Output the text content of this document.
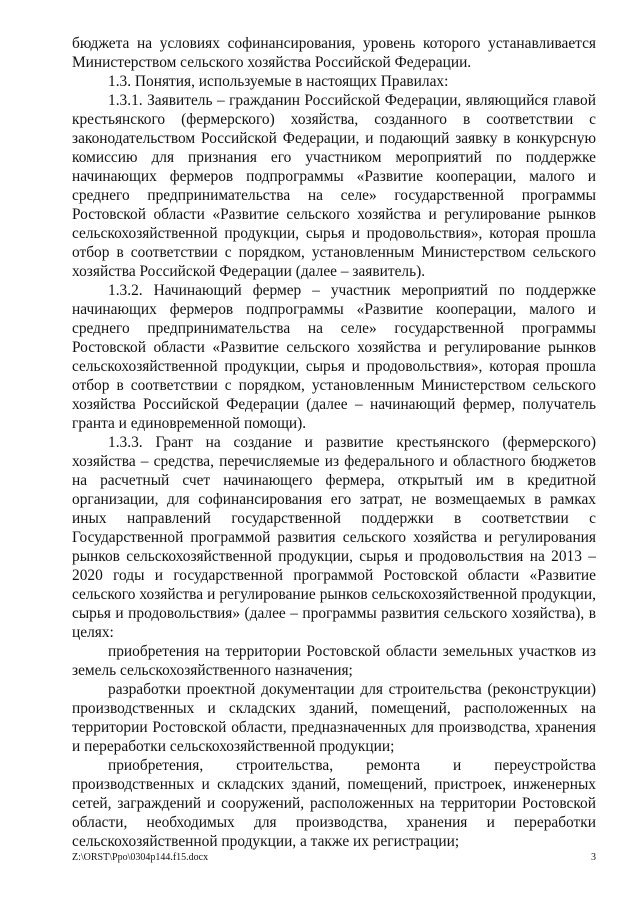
бюджета на условиях софинансирования, уровень которого устанавливается Министерством сельского хозяйства Российской Федерации.

1.3. Понятия, используемые в настоящих Правилах:

1.3.1. Заявитель – гражданин Российской Федерации, являющийся главой крестьянского (фермерского) хозяйства, созданного в соответствии с законодательством Российской Федерации, и подающий заявку в конкурсную комиссию для признания его участником мероприятий по поддержке начинающих фермеров подпрограммы «Развитие кооперации, малого и среднего предпринимательства на селе» государственной программы Ростовской области «Развитие сельского хозяйства и регулирование рынков сельскохозяйственной продукции, сырья и продовольствия», которая прошла отбор в соответствии с порядком, установленным Министерством сельского хозяйства Российской Федерации (далее – заявитель).

1.3.2. Начинающий фермер – участник мероприятий по поддержке начинающих фермеров подпрограммы «Развитие кооперации, малого и среднего предпринимательства на селе» государственной программы Ростовской области «Развитие сельского хозяйства и регулирование рынков сельскохозяйственной продукции, сырья и продовольствия», которая прошла отбор в соответствии с порядком, установленным Министерством сельского хозяйства Российской Федерации (далее – начинающий фермер, получатель гранта и единовременной помощи).

1.3.3. Грант на создание и развитие крестьянского (фермерского) хозяйства – средства, перечисляемые из федерального и областного бюджетов на расчетный счет начинающего фермера, открытый им в кредитной организации, для софинансирования его затрат, не возмещаемых в рамках иных направлений государственной поддержки в соответствии с Государственной программой развития сельского хозяйства и регулирования рынков сельскохозяйственной продукции, сырья и продовольствия на 2013 – 2020 годы и государственной программой Ростовской области «Развитие сельского хозяйства и регулирование рынков сельскохозяйственной продукции, сырья и продовольствия» (далее – программы развития сельского хозяйства), в целях:

приобретения на территории Ростовской области земельных участков из земель сельскохозяйственного назначения;

разработки проектной документации для строительства (реконструкции) производственных и складских зданий, помещений, расположенных на территории Ростовской области, предназначенных для производства, хранения и переработки сельскохозяйственной продукции;

приобретения, строительства, ремонта и переустройства производственных и складских зданий, помещений, пристроек, инженерных сетей, заграждений и сооружений, расположенных на территории Ростовской области, необходимых для производства, хранения и переработки сельскохозяйственной продукции, а также их регистрации;

Z:\ORST\Ppo\0304p144.f15.docx	3
